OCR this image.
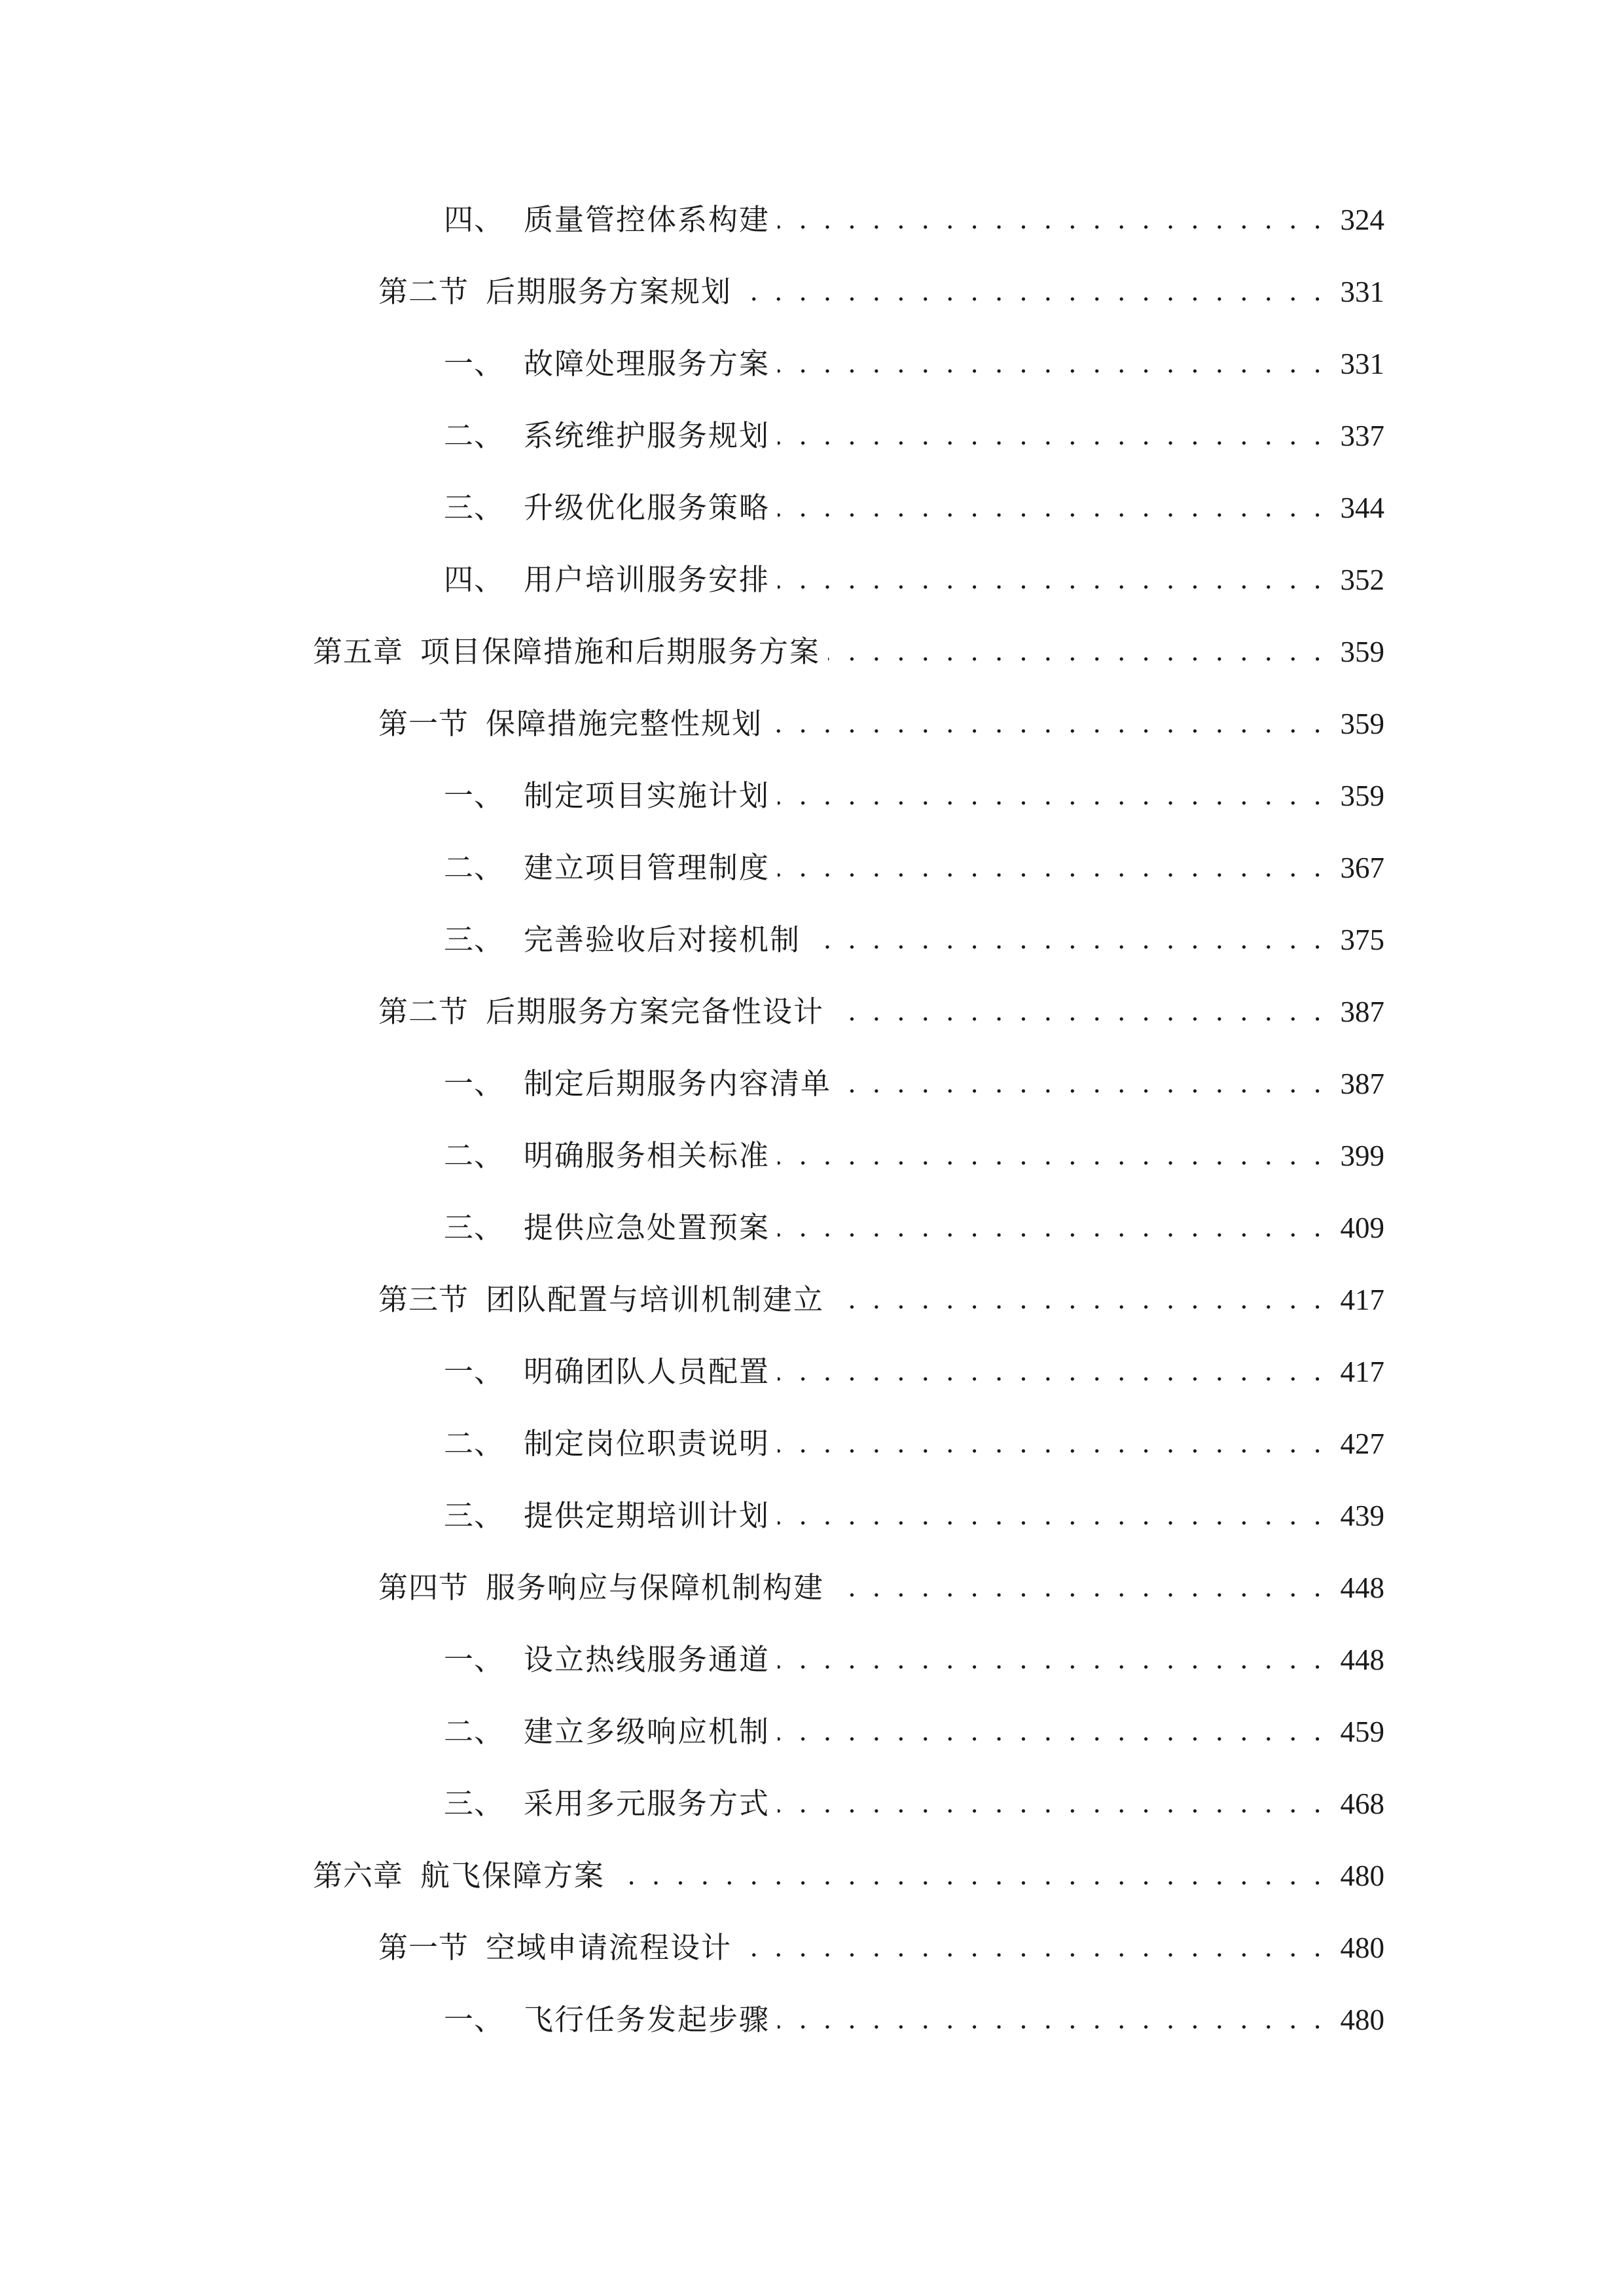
四、 质量管控体系构建 . . .	324
第二节 后期服务方案规划 . . .	331
一、 故障处理服务方案 . . .	331
二、 系统维护服务规划 . . .	337
三、 升级优化服务策略 . . .	344
四、 用户培训服务安排 . . .	352
第五章 项目保障措施和后期服务方案 . . .	359
第一节 保障措施完整性规划 . . .	359
一、 制定项目实施计划 . . .	359
二、 建立项目管理制度 . . .	367
三、 完善验收后对接机制 . . .	375
第二节 后期服务方案完备性设计 . . .	387
一、 制定后期服务内容清单 . . .	387
二、 明确服务相关标准 . . .	399
三、 提供应急处置预案 . . .	409
第三节 团队配置与培训机制建立 . . .	417
一、 明确团队人员配置 . . .	417
二、 制定岗位职责说明 . . .	427
三、 提供定期培训计划 . . .	439
第四节 服务响应与保障机制构建 . . .	448
一、 设立热线服务通道 . . .	448
二、 建立多级响应机制 . . .	459
三、 采用多元服务方式 . . .	468
第六章 航飞保障方案 . . .	480
第一节 空域申请流程设计 . . .	480
一、 飞行任务发起步骤 . . .	480
